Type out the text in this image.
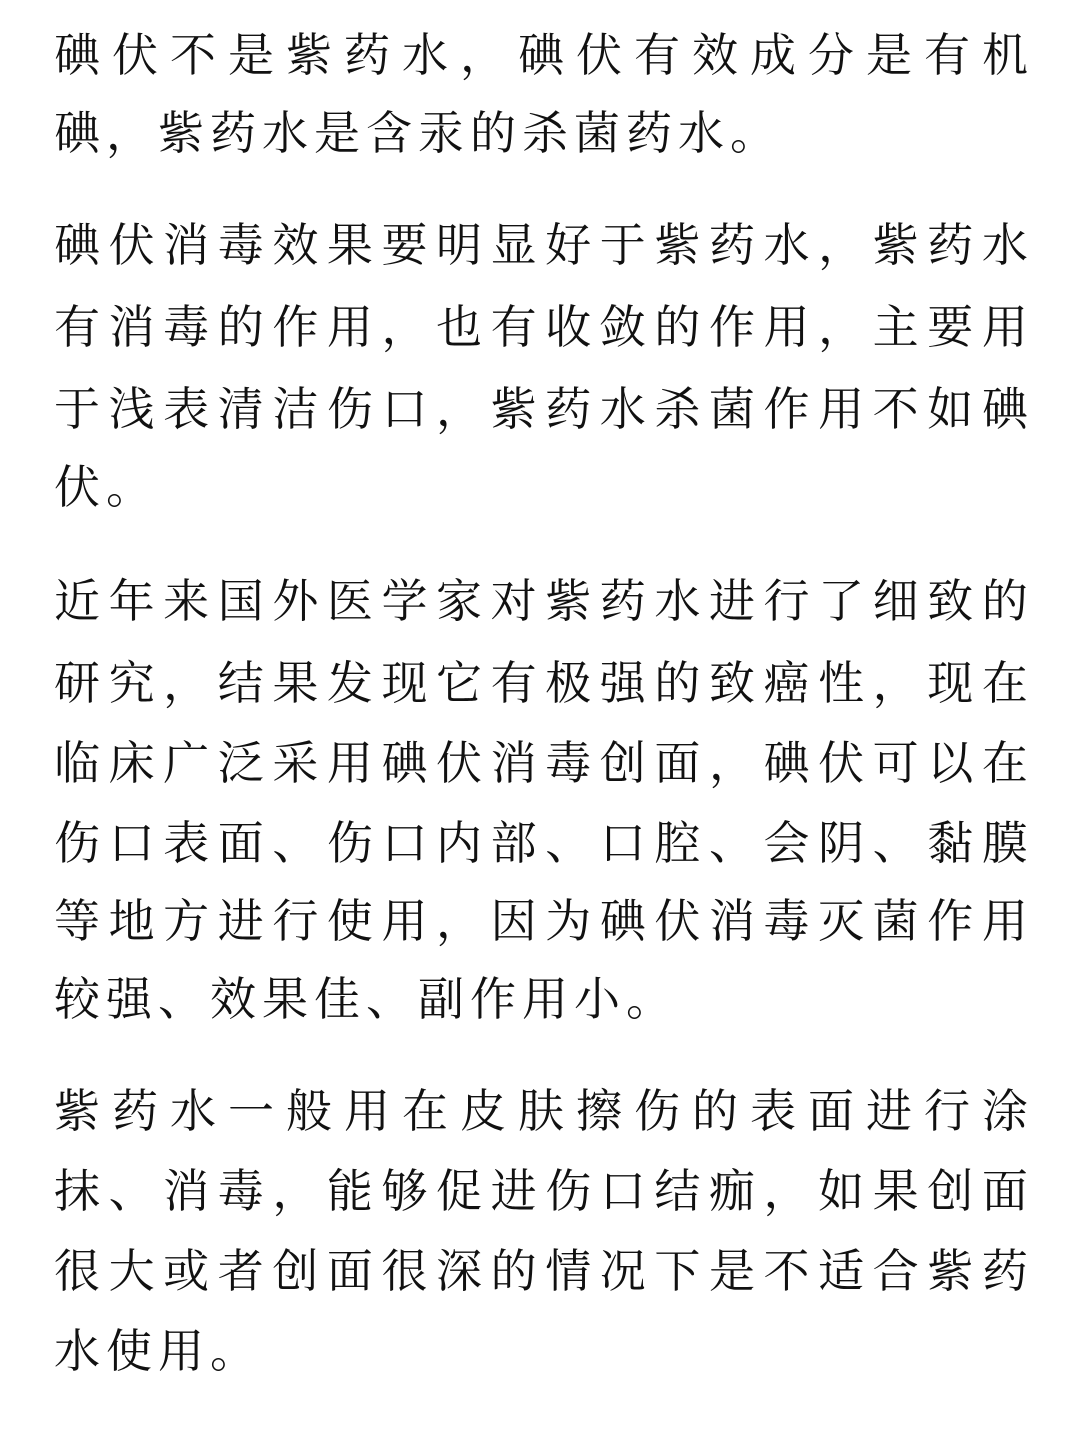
碘 伏 不 是 紫 药 水 ， 碘 伏 有 效 成 分 是 有 机
碘，紫药水是含汞的杀菌药水。
碘 伏 消 毒 效 果 要 明 显 好 于 紫 药 水 ， 紫 药 水
有 消 毒 的 作 用 ， 也 有 收 敛 的 作 用 ， 主 要 用
于 浅 表 清 洁 伤 口 ， 紫 药 水 杀 菌 作 用 不 如 碘
伏。
近 年 来 国 外 医 学 家 对 紫 药 水 进 行 了 细 致 的
研 究 ， 结 果 发 现 它 有 极 强 的 致 癌 性 ， 现 在
临 床 广 泛 采 用 碘 伏 消 毒 创 面 ， 碘 伏 可 以 在
伤 口 表 面 、 伤 口 内 部 、 口 腔 、 会 阴 、 黏 膜
等 地 方 进 行 使 用 ， 因 为 碘 伏 消 毒 灭 菌 作 用
较强、效果佳、副作用小。
紫 药 水 一 般 用 在 皮 肤 擦 伤 的 表 面 进 行 涂
抹 、 消 毒 ， 能 够 促 进 伤 口 结 痂 ， 如 果 创 面
很 大 或 者 创 面 很 深 的 情 况 下 是 不 适 合 紫 药
水使用。
